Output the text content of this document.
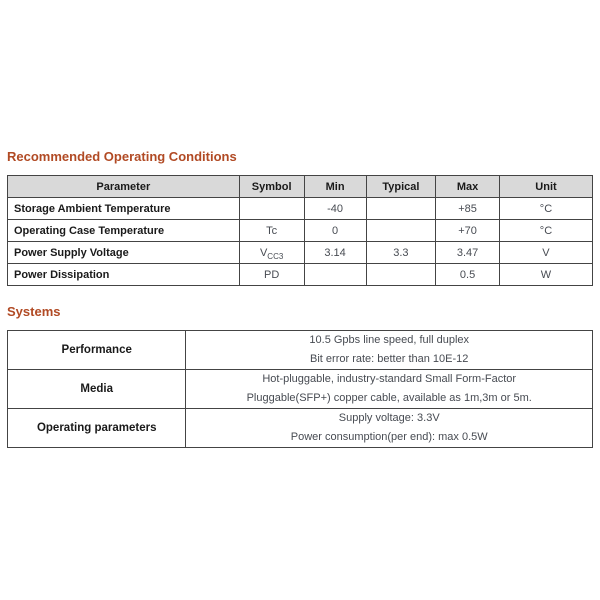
Recommended Operating Conditions
Parameter	Symbol	Min	Typical	Max	Unit
Storage Ambient Temperature		-40		+85	°C
Operating Case Temperature	Tc	0		+70	°C
Power Supply Voltage	$V_{CC3}$	3.14	3.3	3.47	V
Power Dissipation	PD			0.5	W
Systems
Performance	10.5 Gpbs line speed, full duplex
Bit error rate: better than 10E-12

Media	Hot-pluggable, industry-standard Small Form-Factor
Pluggable(SFP+) copper cable, available as 1m,3m or 5m.

Operating parameters	Supply voltage: 3.3V
Power consumption(per end): max 0.5W
